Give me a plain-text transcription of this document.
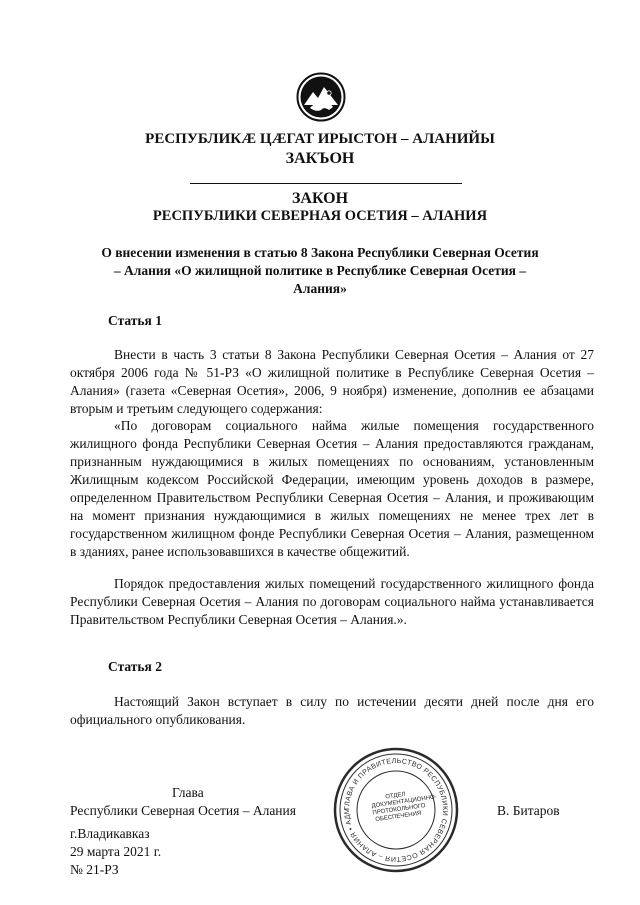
РЕСПУБЛИКӔ ЦӔГАТ ИРЫСТОН – АЛАНИЙЫ

ЗАКЪОН

ЗАКОН

РЕСПУБЛИКИ СЕВЕРНАЯ ОСЕТИЯ – АЛАНИЯ

О внесении изменения в статью 8 Закона Республики Северная Осетия – Алания «О жилищной политике в Республике Северная Осетия – Алания»

Статья 1

Внести в часть 3 статьи 8 Закона Республики Северная Осетия – Алания от 27 октября 2006 года № 51-РЗ «О жилищной политике в Республике Северная Осетия – Алания» (газета «Северная Осетия», 2006, 9 ноября) изменение, дополнив ее абзацами вторым и третьим следующего содержания:

«По договорам социального найма жилые помещения государственного жилищного фонда Республики Северная Осетия – Алания предоставляются гражданам, признанным нуждающимися в жилых помещениях по основаниям, установленным Жилищным кодексом Российской Федерации, имеющим уровень доходов в размере, определенном Правительством Республики Северная Осетия – Алания, и проживающим на момент признания нуждающимися в жилых помещениях не менее трех лет в государственном жилищном фонде Республики Северная Осетия – Алания, размещенном в зданиях, ранее использовавшихся в качестве общежитий.

Порядок предоставления жилых помещений государственного жилищного фонда Республики Северная Осетия – Алания по договорам социального найма устанавливается Правительством Республики Северная Осетия – Алания.».

Статья 2

Настоящий Закон вступает в силу по истечении десяти дней после дня его официального опубликования.

Глава

Республики Северная Осетия – Алания	В. Битаров

г.Владикавказ

29 марта 2021 г.

№ 21-РЗ

ГЛАВА И ПРАВИТЕЛЬСТВО РЕСПУБЛИКИ СЕВЕРНАЯ ОСЕТИЯ – АЛАНИЯ • АДМ
ОТДЕЛ ДОКУМЕНТАЦИОННО-ПРОТОКОЛЬНОГО ОБЕСПЕЧЕНИЯ
